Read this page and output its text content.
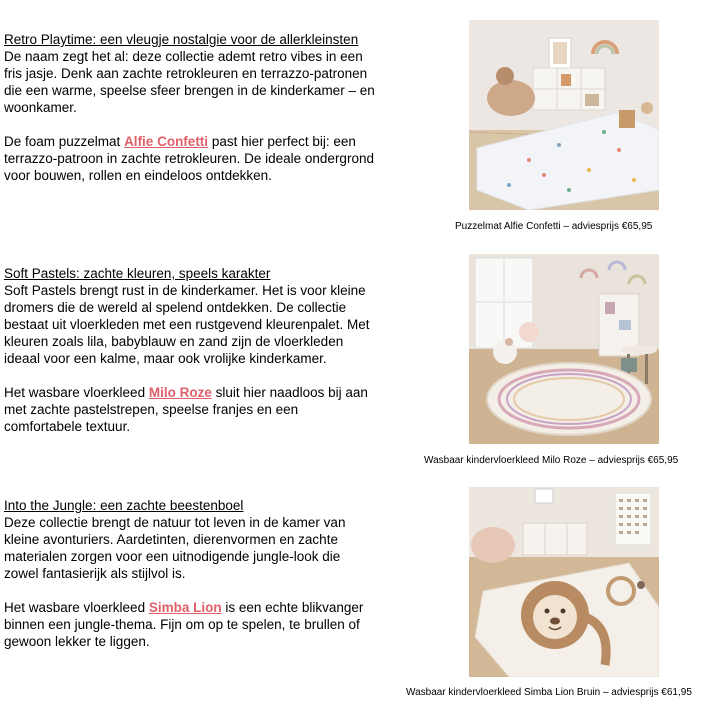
Retro Playtime: een vleugje nostalgie voor de allerkleinsten

De naam zegt het al: deze collectie ademt retro vibes in een fris jasje. Denk aan zachte retrokleuren en terrazzo-patronen die een warme, speelse sfeer brengen in de kinderkamer – en woonkamer.

De foam puzzelmat Alfie Confetti past hier perfect bij: een terrazzo-patroon in zachte retrokleuren. De ideale ondergrond voor bouwen, rollen en eindeloos ontdekken.

Puzzelmat Alfie Confetti – adviesprijs €65,95
Soft Pastels: zachte kleuren, speels karakter

Soft Pastels brengt rust in de kinderkamer. Het is voor kleine dromers die de wereld al spelend ontdekken. De collectie bestaat uit vloerkleden met een rustgevend kleurenpalet. Met kleuren zoals lila, babyblauw en zand zijn de vloerkleden ideaal voor een kalme, maar ook vrolijke kinderkamer.

Het wasbare vloerkleed Milo Roze sluit hier naadloos bij aan met zachte pastelstrepen, speelse franjes en een comfortabele textuur.

Wasbaar kindervloerkleed Milo Roze – adviesprijs €65,95
Into the Jungle: een zachte beestenboel

Deze collectie brengt de natuur tot leven in de kamer van kleine avonturiers. Aardetinten, dierenvormen en zachte materialen zorgen voor een uitnodigende jungle-look die zowel fantasierijk als stijlvol is.

Het wasbare vloerkleed Simba Lion is een echte blikvanger binnen een jungle-thema. Fijn om op te spelen, te brullen of gewoon lekker te liggen.

Wasbaar kindervloerkleed Simba Lion Bruin – adviesprijs €61,95
